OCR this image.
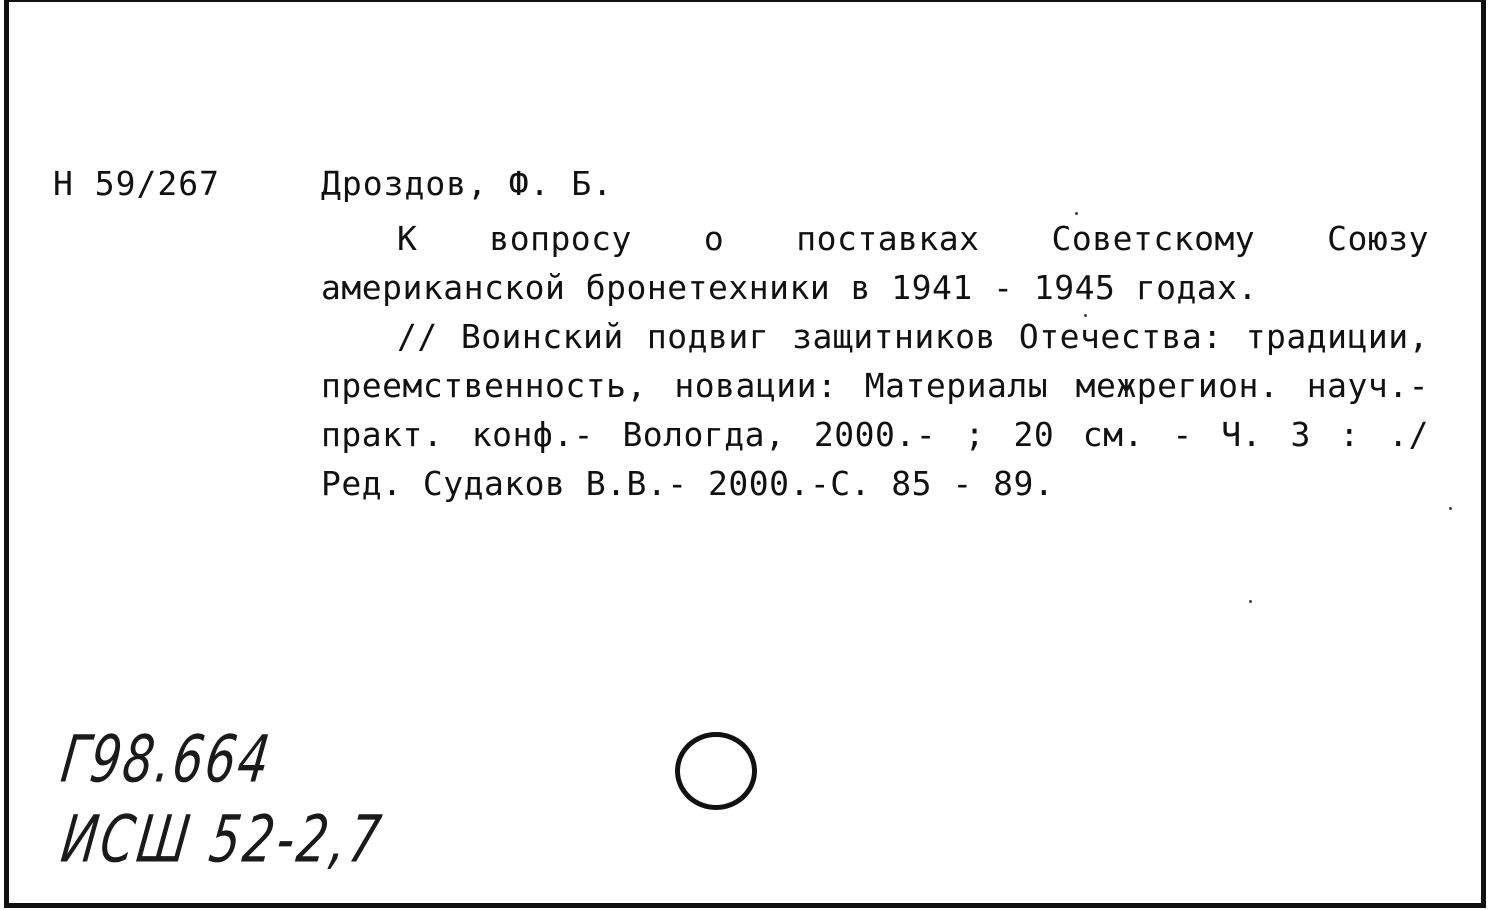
Н 59/267	Дроздов, Ф. Б.

К вопросу о поставках Советскому Союзу американской бронетехники в 1941 - 1945 годах.

// Воинский подвиг защитников Отечества: традиции, преемственность, новации: Материалы межрегион. науч.- практ. конф.- Вологда, 2000.- ; 20 см. - Ч. 3 : ./ Ред. Судаков В.В.- 2000.-С. 85 - 89.

Г98.664
ИСШ 52-2,7
